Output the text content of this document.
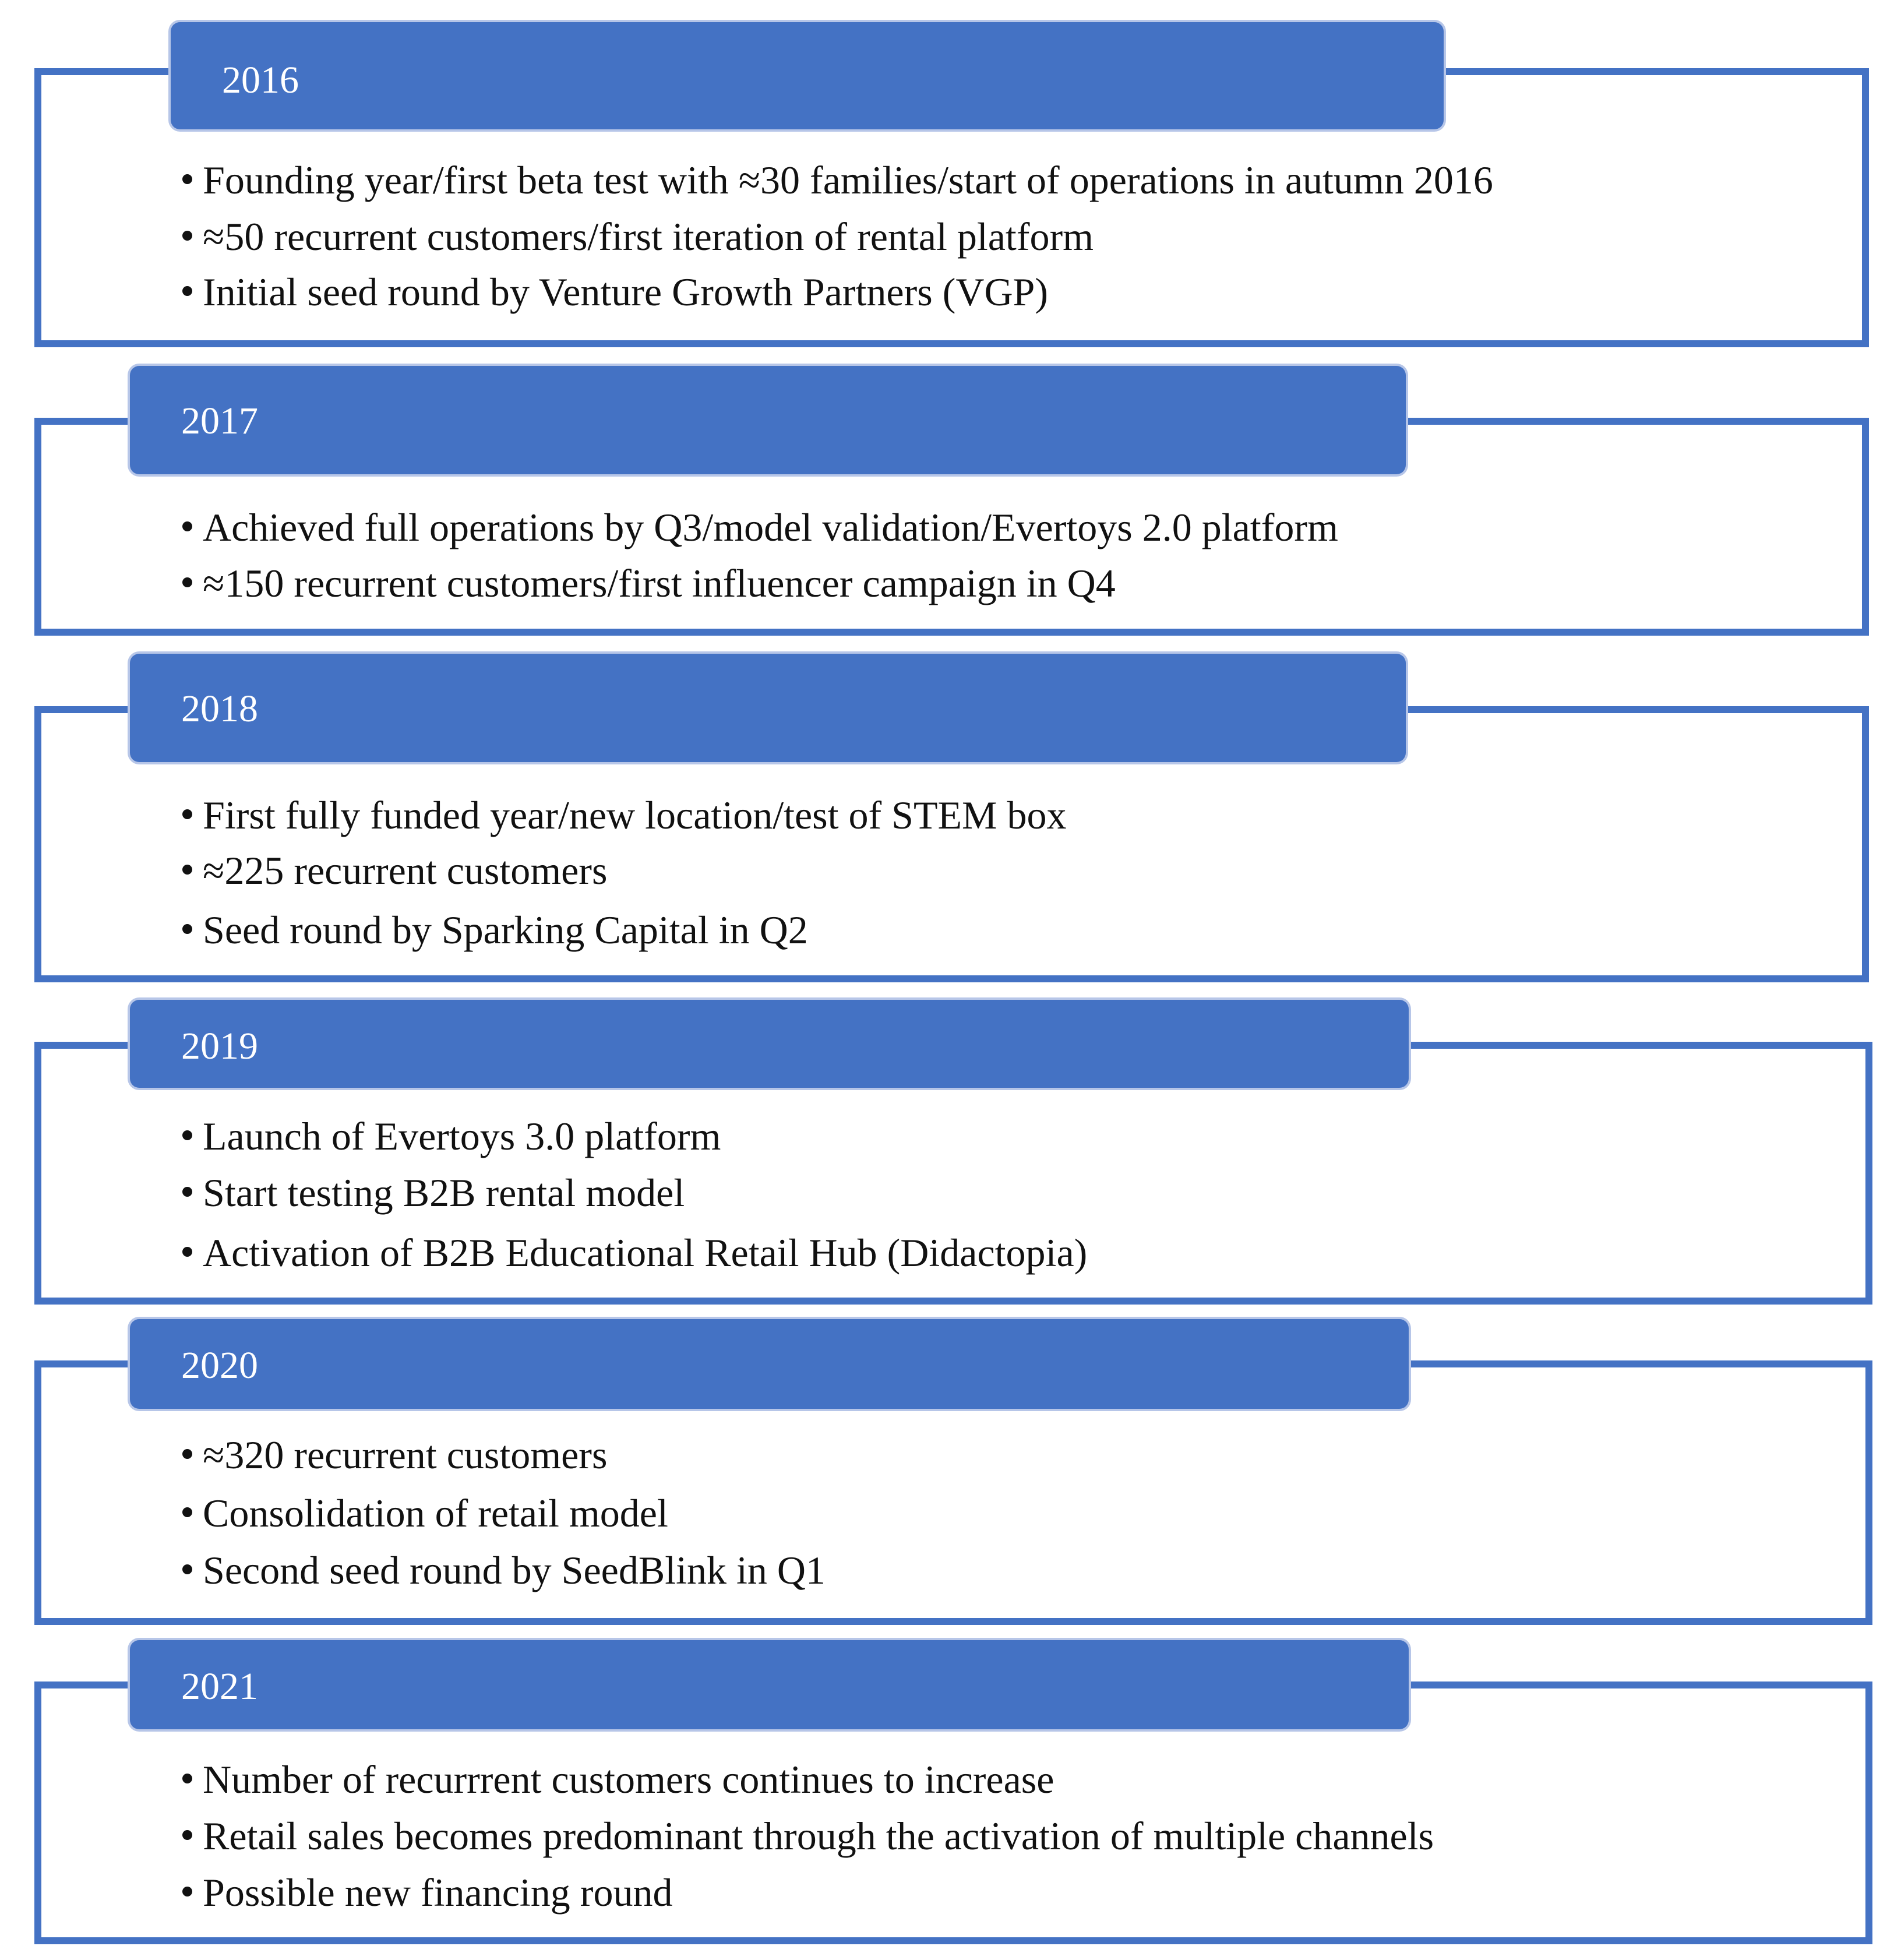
2016
Founding year/first beta test with ≈30 families/start of operations in autumn 2016
≈50 recurrent customers/first iteration of rental platform
Initial seed round by Venture Growth Partners (VGP)
2017
Achieved full operations by Q3/model validation/Evertoys 2.0 platform
≈150 recurrent customers/first influencer campaign in Q4
2018
First fully funded year/new location/test of STEM box
≈225 recurrent customers
Seed round by Sparking Capital in Q2
2019
Launch of Evertoys 3.0 platform
Start testing B2B rental model
Activation of B2B Educational Retail Hub (Didactopia)
2020
≈320 recurrent customers
Consolidation of retail model
Second seed round by SeedBlink in Q1
2021
Number of recurrrent customers continues to increase
Retail sales becomes predominant through the activation of multiple channels
Possible new financing round
